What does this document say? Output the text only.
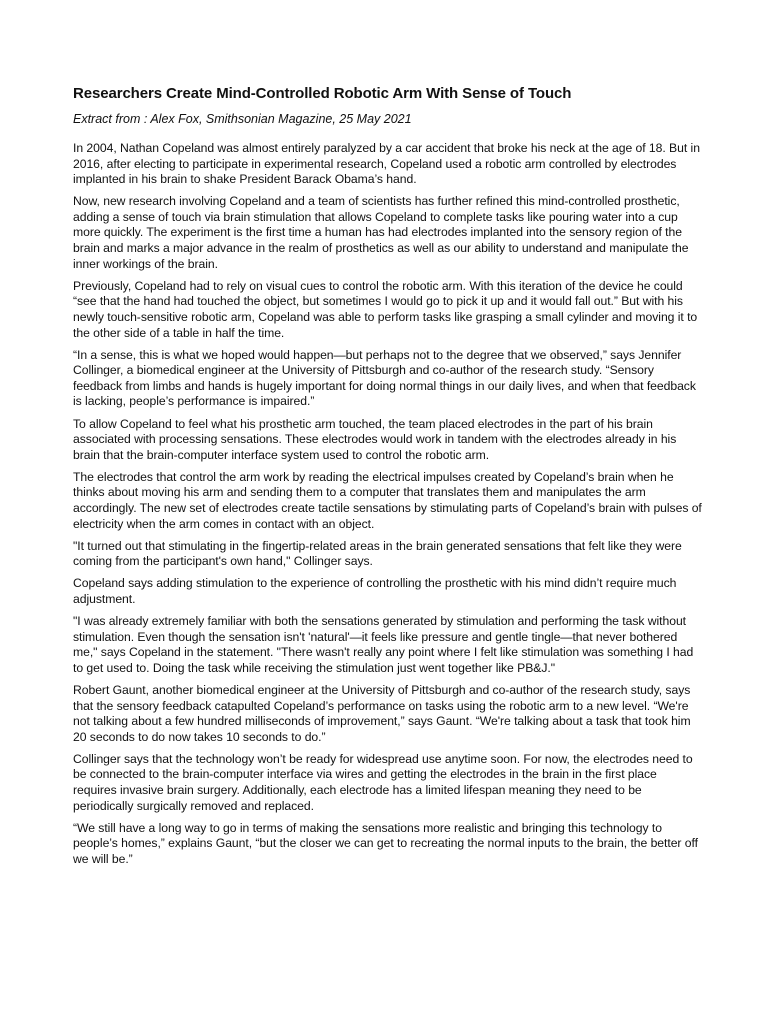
Researchers Create Mind-Controlled Robotic Arm With Sense of Touch
Extract from : Alex Fox, Smithsonian Magazine, 25 May 2021

In 2004, Nathan Copeland was almost entirely paralyzed by a car accident that broke his neck at the age of 18. But in 2016, after electing to participate in experimental research, Copeland used a robotic arm controlled by electrodes implanted in his brain to shake President Barack Obama’s hand.

Now, new research involving Copeland and a team of scientists has further refined this mind-controlled prosthetic, adding a sense of touch via brain stimulation that allows Copeland to complete tasks like pouring water into a cup more quickly. The experiment is the first time a human has had electrodes implanted into the sensory region of the brain and marks a major advance in the realm of prosthetics as well as our ability to understand and manipulate the inner workings of the brain.

Previously, Copeland had to rely on visual cues to control the robotic arm. With this iteration of the device he could “see that the hand had touched the object, but sometimes I would go to pick it up and it would fall out.” But with his newly touch-sensitive robotic arm, Copeland was able to perform tasks like grasping a small cylinder and moving it to the other side of a table in half the time.

“In a sense, this is what we hoped would happen—but perhaps not to the degree that we observed,” says Jennifer Collinger, a biomedical engineer at the University of Pittsburgh and co-author of the research study. “Sensory feedback from limbs and hands is hugely important for doing normal things in our daily lives, and when that feedback is lacking, people’s performance is impaired.”

To allow Copeland to feel what his prosthetic arm touched, the team placed electrodes in the part of his brain associated with processing sensations. These electrodes would work in tandem with the electrodes already in his brain that the brain-computer interface system used to control the robotic arm.

The electrodes that control the arm work by reading the electrical impulses created by Copeland’s brain when he thinks about moving his arm and sending them to a computer that translates them and manipulates the arm accordingly. The new set of electrodes create tactile sensations by stimulating parts of Copeland’s brain with pulses of electricity when the arm comes in contact with an object.

"It turned out that stimulating in the fingertip-related areas in the brain generated sensations that felt like they were coming from the participant's own hand," Collinger says.

Copeland says adding stimulation to the experience of controlling the prosthetic with his mind didn’t require much adjustment.

"I was already extremely familiar with both the sensations generated by stimulation and performing the task without stimulation. Even though the sensation isn't 'natural'—it feels like pressure and gentle tingle—that never bothered me," says Copeland in the statement. "There wasn't really any point where I felt like stimulation was something I had to get used to. Doing the task while receiving the stimulation just went together like PB&J."

Robert Gaunt, another biomedical engineer at the University of Pittsburgh and co-author of the research study, says that the sensory feedback catapulted Copeland’s performance on tasks using the robotic arm to a new level. “We're not talking about a few hundred milliseconds of improvement,” says Gaunt. “We're talking about a task that took him 20 seconds to do now takes 10 seconds to do.”

Collinger says that the technology won’t be ready for widespread use anytime soon. For now, the electrodes need to be connected to the brain-computer interface via wires and getting the electrodes in the brain in the first place requires invasive brain surgery. Additionally, each electrode has a limited lifespan meaning they need to be periodically surgically removed and replaced.

“We still have a long way to go in terms of making the sensations more realistic and bringing this technology to people’s homes,” explains Gaunt, “but the closer we can get to recreating the normal inputs to the brain, the better off we will be.”
